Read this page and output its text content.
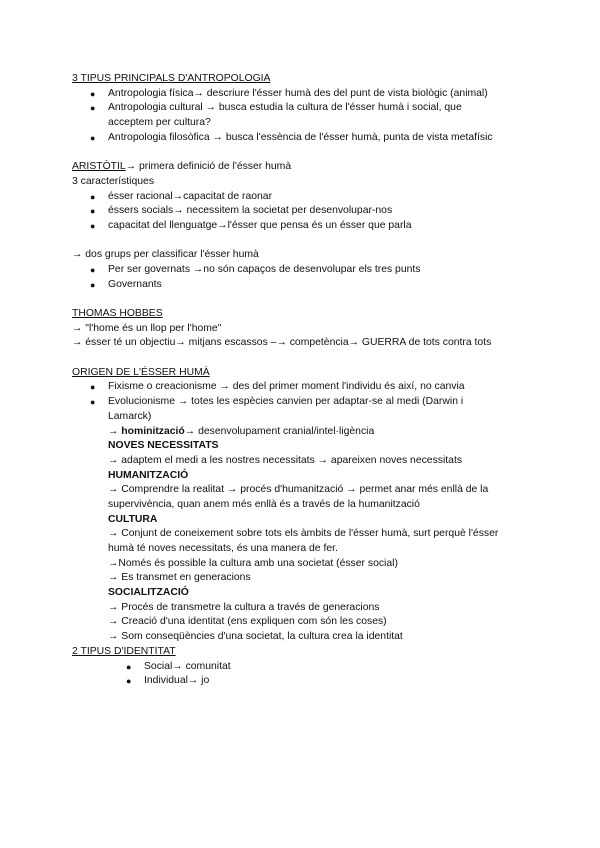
3 TIPUS PRINCIPALS D'ANTROPOLOGIA
● Antropologia física→ descriure l'ésser humà des del punt de vista biològic (animal)
● Antropologia cultural → busca estudia la cultura de l'ésser humà i social, que
acceptem per cultura?
● Antropologia filosòfica → busca l'essència de l'ésser humà, punta de vista metafísic
ARISTÒTIL→ primera definició de l'ésser humà
3 característiques
● ésser racional→capacitat de raonar
● éssers socials→ necessitem la societat per desenvolupar-nos
● capacitat del llenguatge→l'ésser que pensa és un ésser que parla
→ dos grups per classificar l'ésser humà
● Per ser governats →no són capaços de desenvolupar els tres punts
● Governants
THOMAS HOBBES
→ "l'home és un llop per l'home"
→ ésser té un objectiu→ mitjans escassos –→ competència→ GUERRA de tots contra tots
ORIGEN DE L'ÉSSER HUMÀ
● Fixisme o creacionisme → des del primer moment l'individu és així, no canvia
● Evolucionisme → totes les espècies canvien per adaptar-se al medi (Darwin i
Lamarck)
→ hominització→ desenvolupament cranial/intel·ligència
NOVES NECESSITATS
→ adaptem el medi a les nostres necessitats → apareixen noves necessitats
HUMANITZACIÓ
→ Comprendre la realitat → procés d'humanització → permet anar més enllà de la
supervivència, quan anem més enllà és a través de la humanització
CULTURA
→ Conjunt de coneixement sobre tots els àmbits de l'ésser humà, surt perquè l'ésser
humà té noves necessitats, és una manera de fer.
→Només és possible la cultura amb una societat (ésser social)
→ Es transmet en generacions
SOCIALITZACIÓ
→ Procés de transmetre la cultura a través de generacions
→ Creació d'una identitat (ens expliquen com són les coses)
→ Som conseqüències d'una societat, la cultura crea la identitat
2 TIPUS D'IDENTITAT
● Social→ comunitat
● Individual→ jo
